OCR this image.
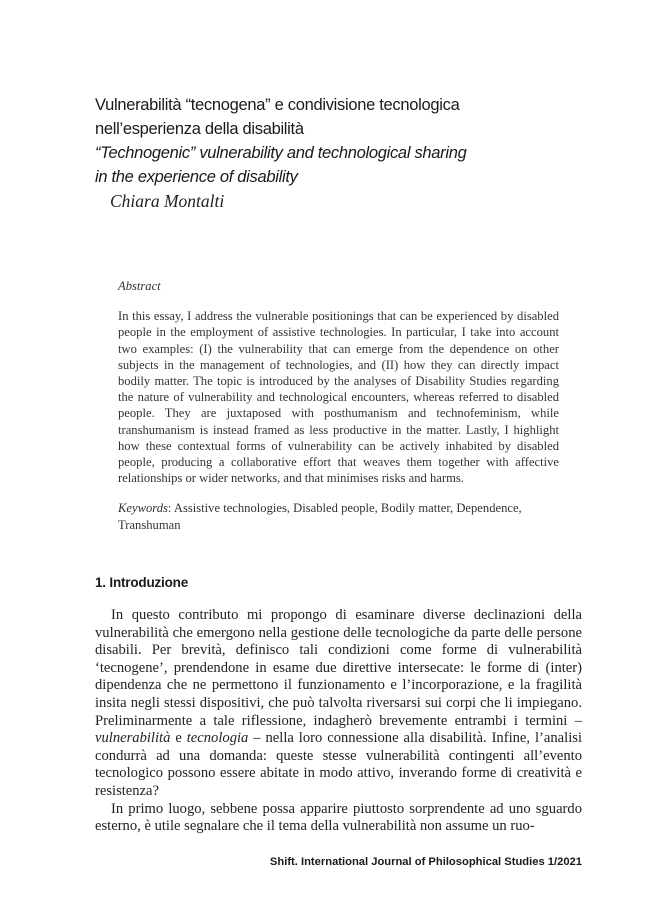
Vulnerabilità “tecnogena” e condivisione tecnologica
nell’esperienza della disabilità
“Technogenic” vulnerability and technological sharing
in the experience of disability
Chiara Montalti
Abstract

In this essay, I address the vulnerable positionings that can be experienced by disabled people in the employment of assistive technologies. In particular, I take into account two examples: (I) the vulnerability that can emerge from the dependence on other subjects in the management of technologies, and (II) how they can directly impact bodily matter. The topic is introduced by the analyses of Disability Studies regarding the nature of vulnerability and technological encounters, whereas referred to disabled people. They are juxtaposed with posthumanism and technofeminism, while transhumanism is instead framed as less productive in the matter. Lastly, I highlight how these contextual forms of vulnerability can be actively inhabited by disabled people, producing a collaborative effort that weaves them together with affective relationships or wider networks, and that minimises risks and harms.

Keywords: Assistive technologies, Disabled people, Bodily matter, Dependence, Transhuman
1. Introduzione

In questo contributo mi propongo di esaminare diverse declinazioni della vulnerabilità che emergono nella gestione delle tecnologiche da parte delle persone disabili. Per brevità, definisco tali condizioni come forme di vulnerabilità ‘tecnogene’, prendendone in esame due direttive intersecate: le forme di (inter) dipendenza che ne permettono il funzionamento e l’incorporazione, e la fragilità insita negli stessi dispositivi, che può talvolta riversarsi sui corpi che li impiegano. Preliminarmente a tale riflessione, indagherò brevemente entrambi i termini – vulnerabilità e tecnologia – nella loro connessione alla disabilità. Infine, l’analisi condurrà ad una domanda: queste stesse vulnerabilità contingenti all’evento tecnologico possono essere abitate in modo attivo, inverando forme di creatività e resistenza?

In primo luogo, sebbene possa apparire piuttosto sorprendente ad uno sguardo esterno, è utile segnalare che il tema della vulnerabilità non assume un ruo-

Shift. International Journal of Philosophical Studies 1/2021
